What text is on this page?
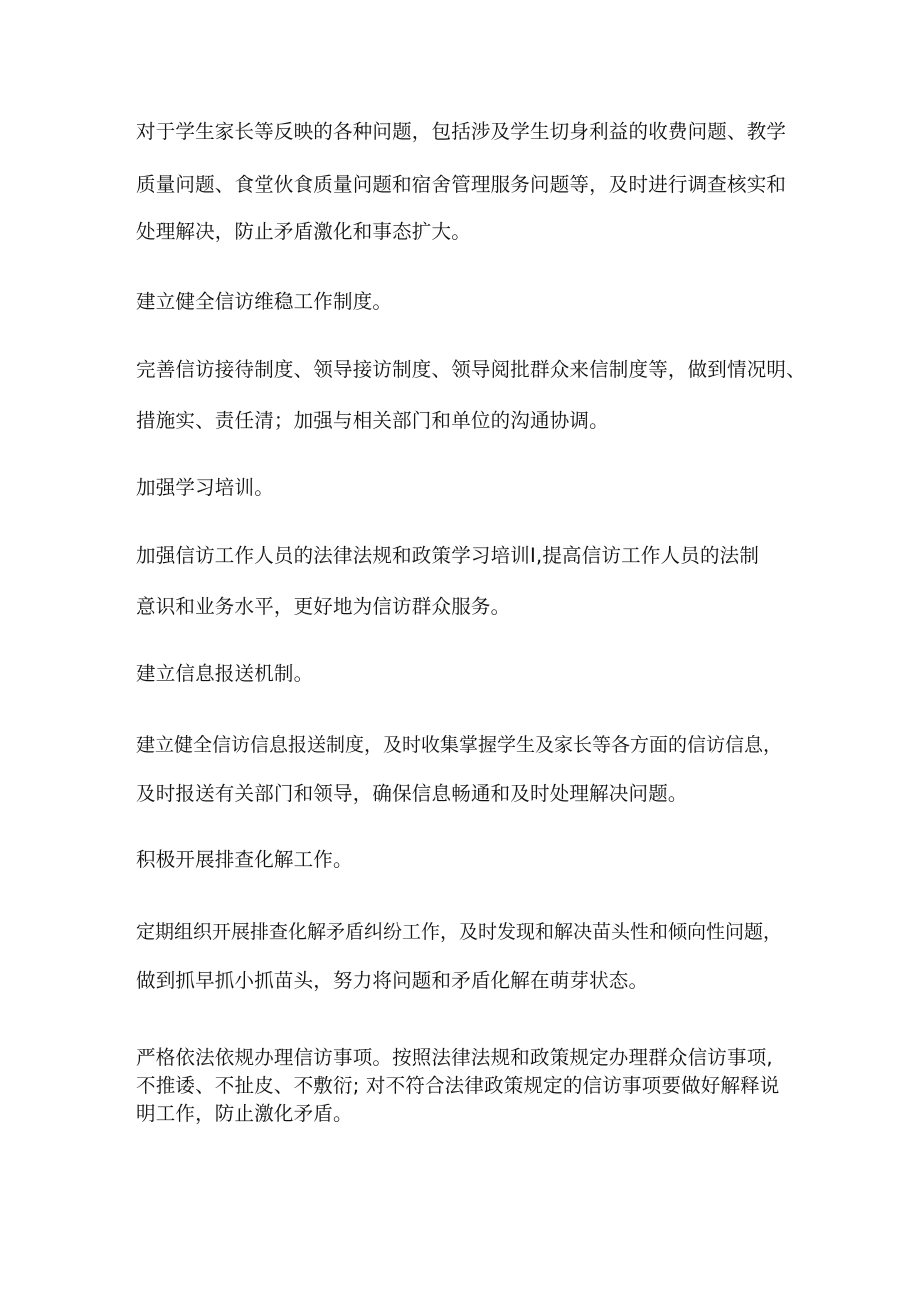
对于学生家长等反映的各种问题，包括涉及学生切身利益的收费问题、教学
质量问题、食堂伙食质量问题和宿舍管理服务问题等，及时进行调查核实和
处理解决，防止矛盾激化和事态扩大。
建立健全信访维稳工作制度。
完善信访接待制度、领导接访制度、领导阅批群众来信制度等，做到情况明、
措施实、责任清；加强与相关部门和单位的沟通协调。
加强学习培训。
加强信访工作人员的法律法规和政策学习培训Ⅰ,提高信访工作人员的法制
意识和业务水平，更好地为信访群众服务。
建立信息报送机制。
建立健全信访信息报送制度，及时收集掌握学生及家长等各方面的信访信息，
及时报送有关部门和领导，确保信息畅通和及时处理解决问题。
积极开展排查化解工作。
定期组织开展排查化解矛盾纠纷工作，及时发现和解决苗头性和倾向性问题，
做到抓早抓小抓苗头，努力将问题和矛盾化解在萌芽状态。
严格依法依规办理信访事项。按照法律法规和政策规定办理群众信访事项,
不推诿、不扯皮、不敷衍; 对不符合法律政策规定的信访事项要做好解释说
明工作，防止激化矛盾。
